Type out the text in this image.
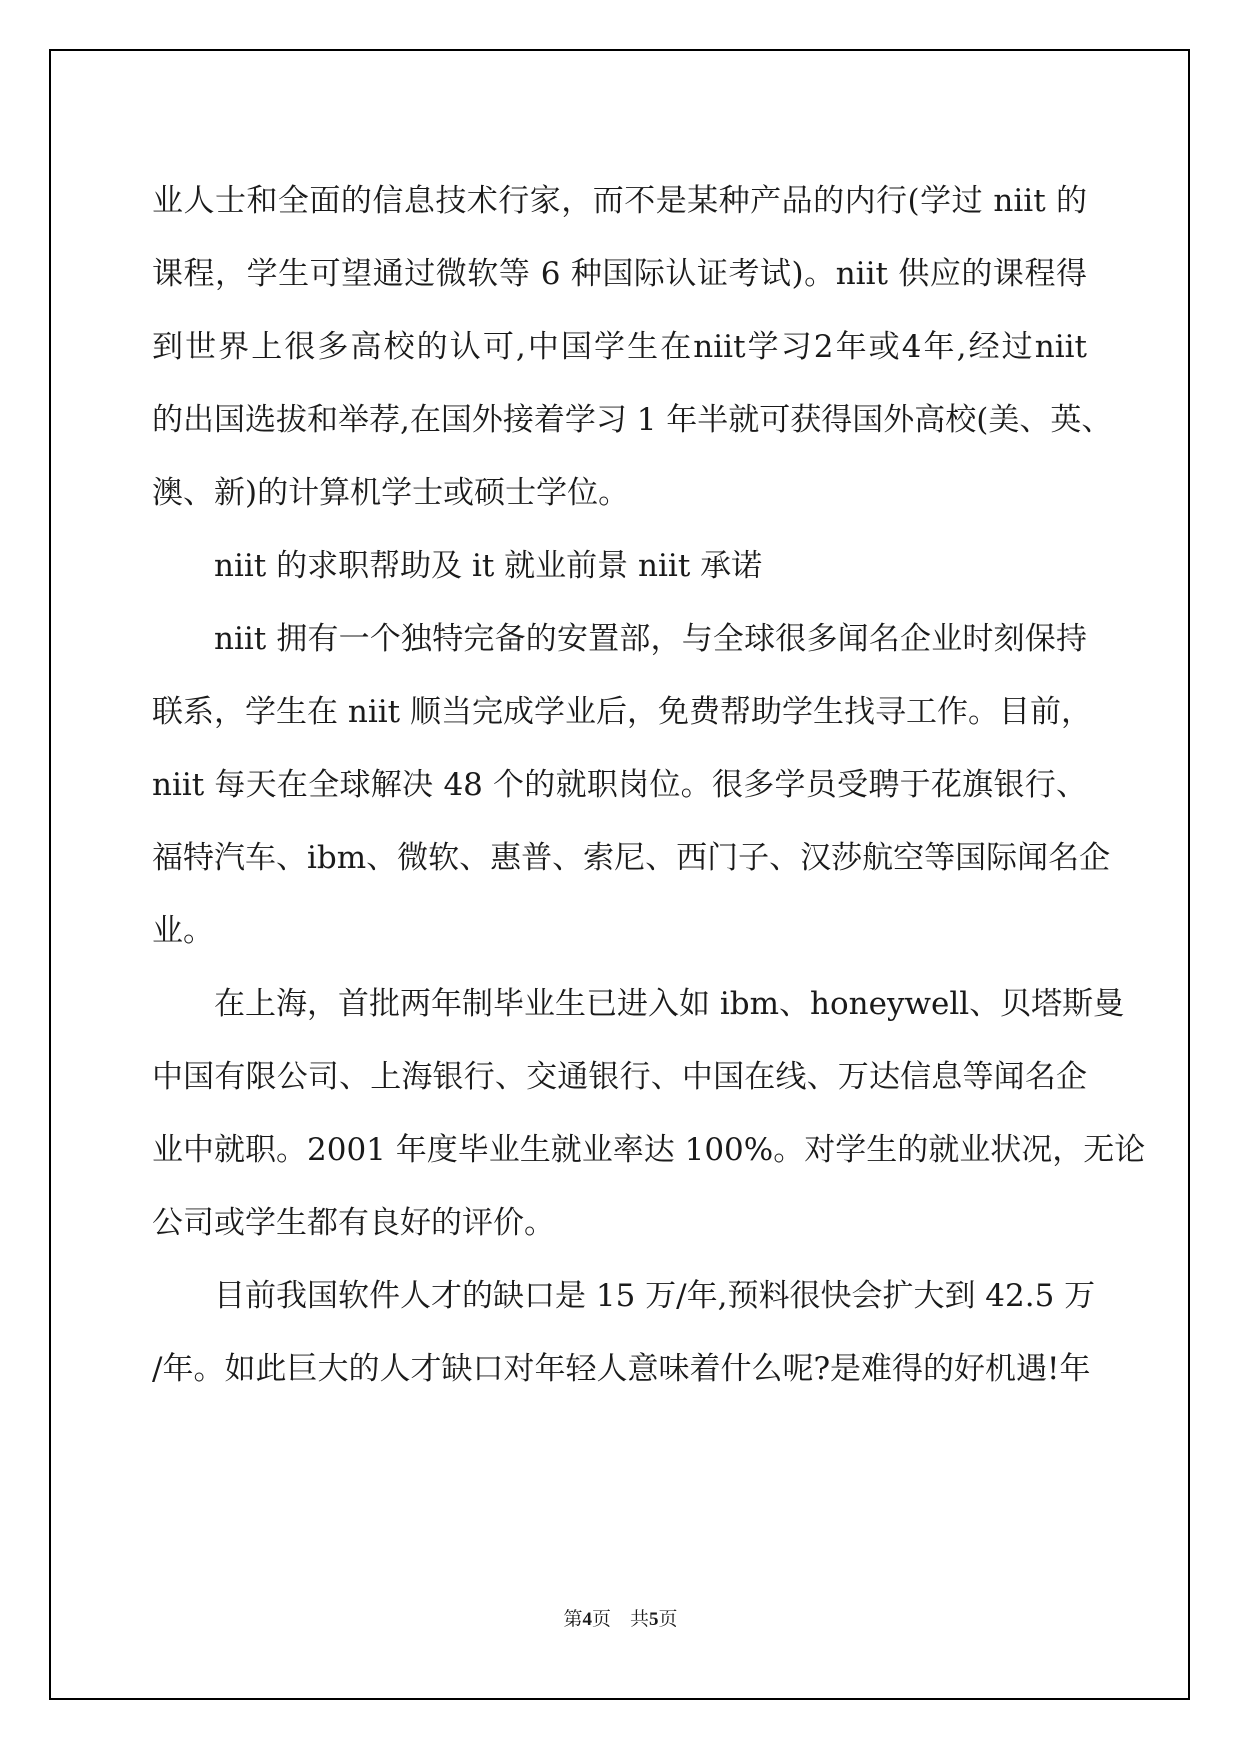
业人士和全面的信息技术行家，而不是某种产品的内行(学过 niit 的
课程，学生可望通过微软等 6 种国际认证考试)。niit 供应的课程得
到世界上很多高校的认可,中国学生在niit学习2年或4年,经过niit
的出国选拔和举荐,在国外接着学习 1 年半就可获得国外高校(美、英、
澳、新)的计算机学士或硕士学位。
niit 的求职帮助及 it 就业前景 niit 承诺
niit 拥有一个独特完备的安置部，与全球很多闻名企业时刻保持
联系，学生在 niit 顺当完成学业后，免费帮助学生找寻工作。目前，
niit 每天在全球解决 48 个的就职岗位。很多学员受聘于花旗银行、
福特汽车、ibm、微软、惠普、索尼、西门子、汉莎航空等国际闻名企
业。
在上海，首批两年制毕业生已进入如 ibm、honeywell、贝塔斯曼
中国有限公司、上海银行、交通银行、中国在线、万达信息等闻名企
业中就职。2001 年度毕业生就业率达 100%。对学生的就业状况，无论
公司或学生都有良好的评价。
目前我国软件人才的缺口是 15 万/年,预料很快会扩大到 42.5 万
/年。如此巨大的人才缺口对年轻人意味着什么呢?是难得的好机遇!年
第4页　共5页
